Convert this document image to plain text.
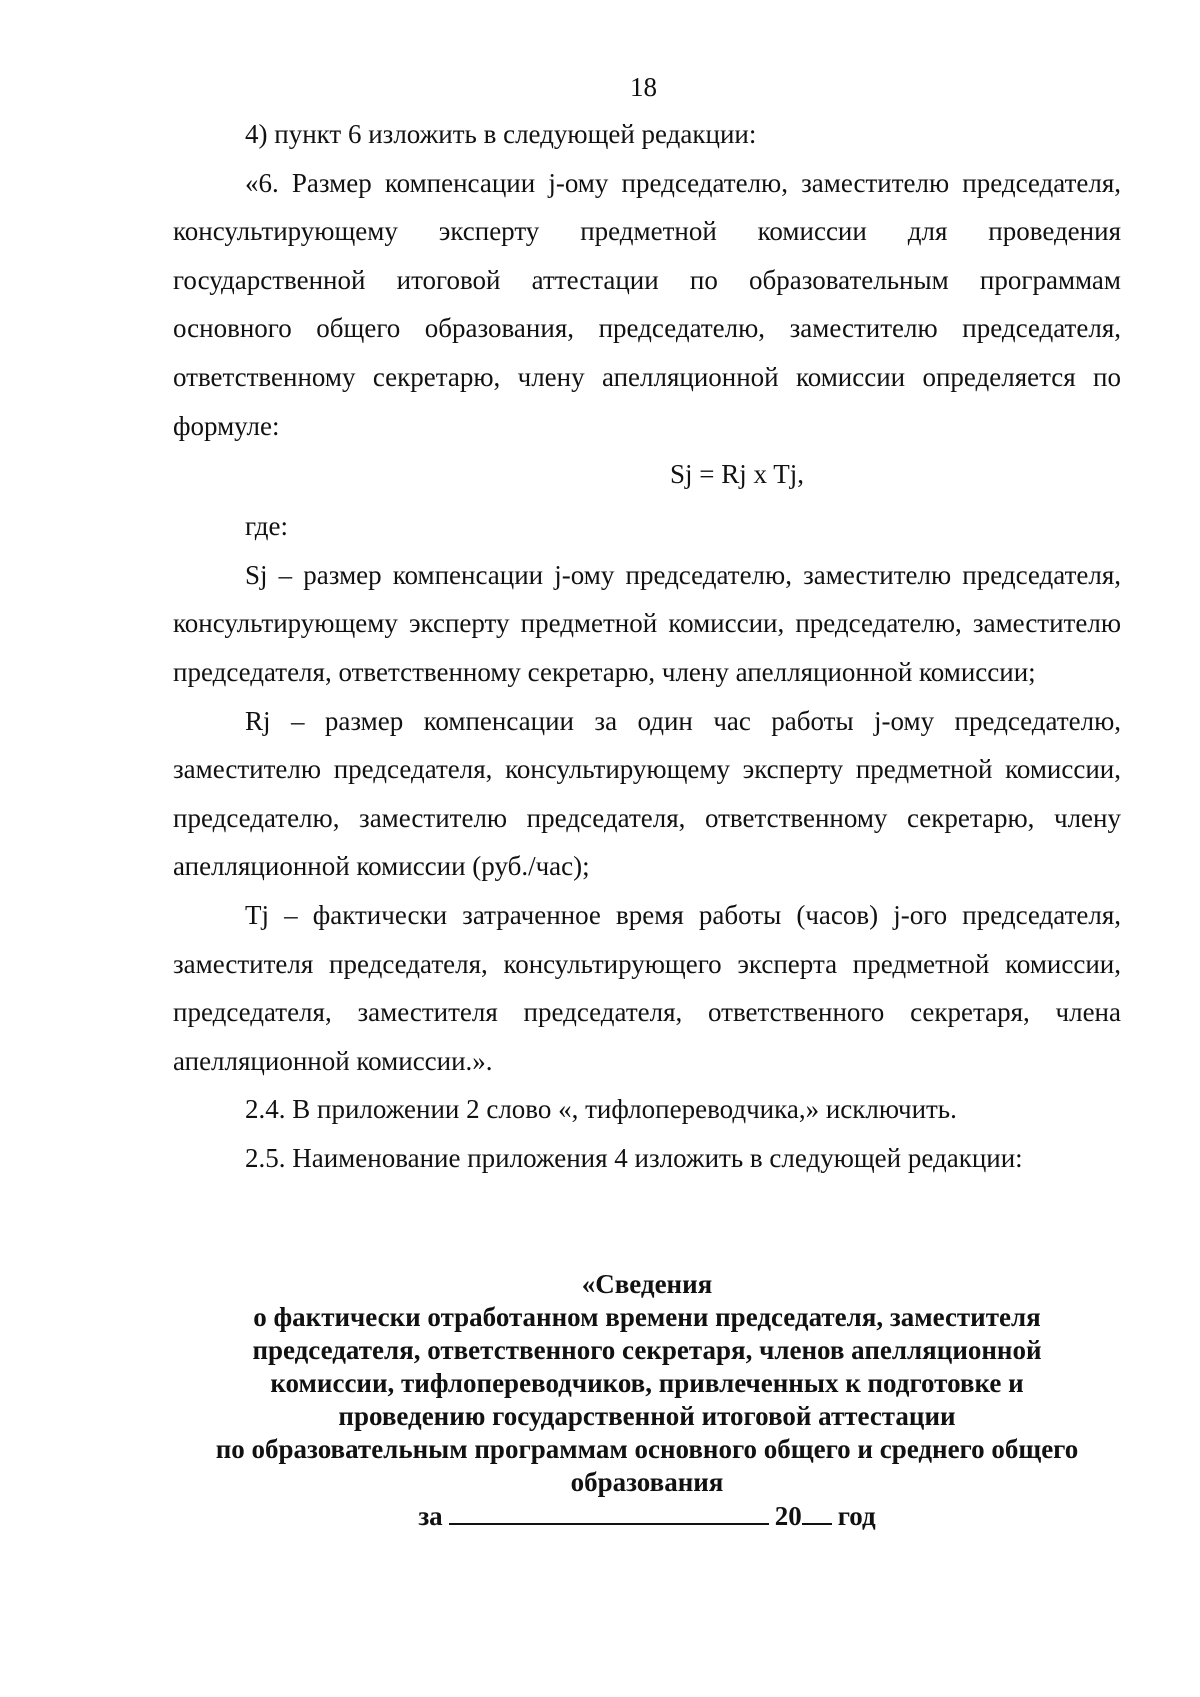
18

4) пункт 6 изложить в следующей редакции:

«6. Размер компенсации j-ому председателю, заместителю председателя, консультирующему эксперту предметной комиссии для проведения государственной итоговой аттестации по образовательным программам основного общего образования, председателю, заместителю председателя, ответственному секретарю, члену апелляционной комиссии определяется по формуле:

Sj = Rj x Tj,

где:

Sj – размер компенсации j-ому председателю, заместителю председателя, консультирующему эксперту предметной комиссии, председателю, заместителю председателя, ответственному секретарю, члену апелляционной комиссии;

Rj – размер компенсации за один час работы j-ому председателю, заместителю председателя, консультирующему эксперту предметной комиссии, председателю, заместителю председателя, ответственному секретарю, члену апелляционной комиссии (руб./час);

Tj – фактически затраченное время работы (часов) j-ого председателя, заместителя председателя, консультирующего эксперта предметной комиссии, председателя, заместителя председателя, ответственного секретаря, члена апелляционной комиссии.».

2.4. В приложении 2 слово «, тифлопереводчика,» исключить.

2.5. Наименование приложения 4 изложить в следующей редакции:

«Сведения

о фактически отработанном времени председателя, заместителя

председателя, ответственного секретаря, членов апелляционной

комиссии, тифлопереводчиков, привлеченных к подготовке и

проведению государственной итоговой аттестации

по образовательным программам основного общего и среднего общего

образования

за	20 год
